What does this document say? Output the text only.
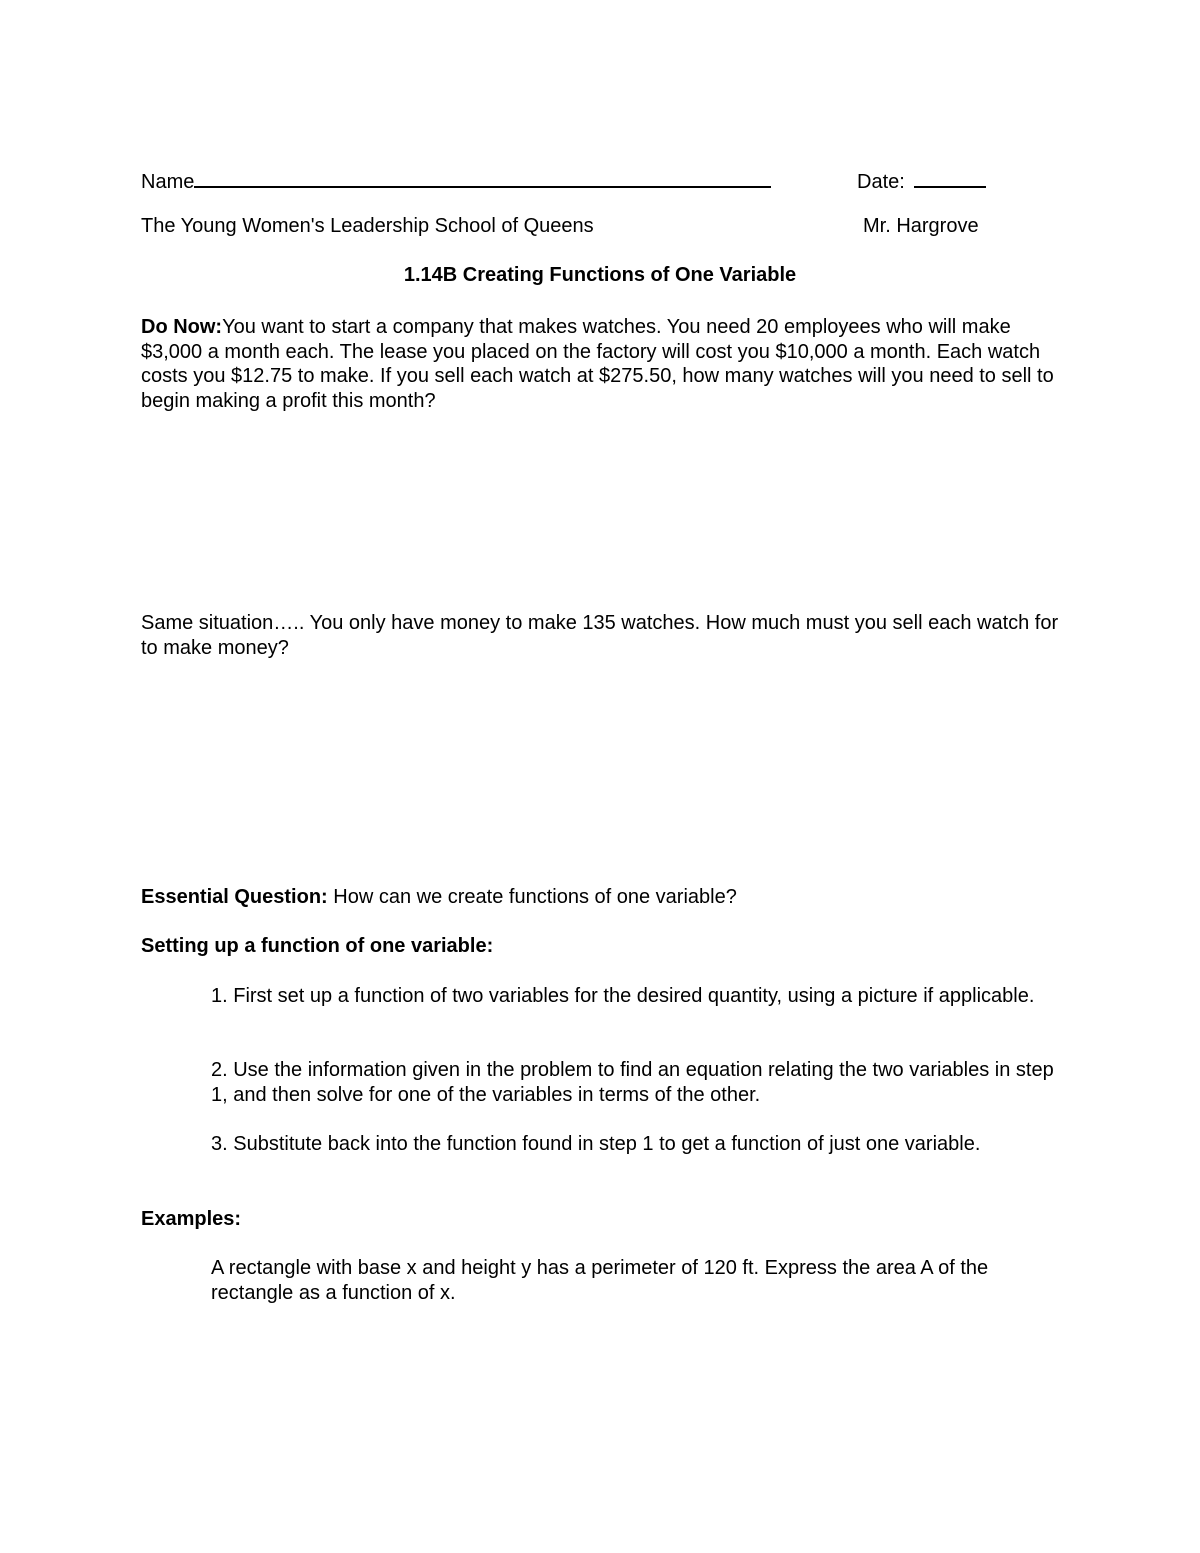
Name	Date:
The Young Women's Leadership School of Queens	Mr. Hargrove
1.14B Creating Functions of One Variable
Do Now:You want to start a company that makes watches. You need 20 employees who will make $3,000 a month each. The lease you placed on the factory will cost you $10,000 a month. Each watch costs you $12.75 to make. If you sell each watch at $275.50, how many watches will you need to sell to begin making a profit this month?
Same situation….. You only have money to make 135 watches. How much must you sell each watch for to make money?
Essential Question: How can we create functions of one variable?
Setting up a function of one variable:
1. First set up a function of two variables for the desired quantity, using a picture if applicable.
2. Use the information given in the problem to find an equation relating the two variables in step 1, and then solve for one of the variables in terms of the other.
3. Substitute back into the function found in step 1 to get a function of just one variable.
Examples:
A rectangle with base x and height y has a perimeter of 120 ft. Express the area A of the rectangle as a function of x.
